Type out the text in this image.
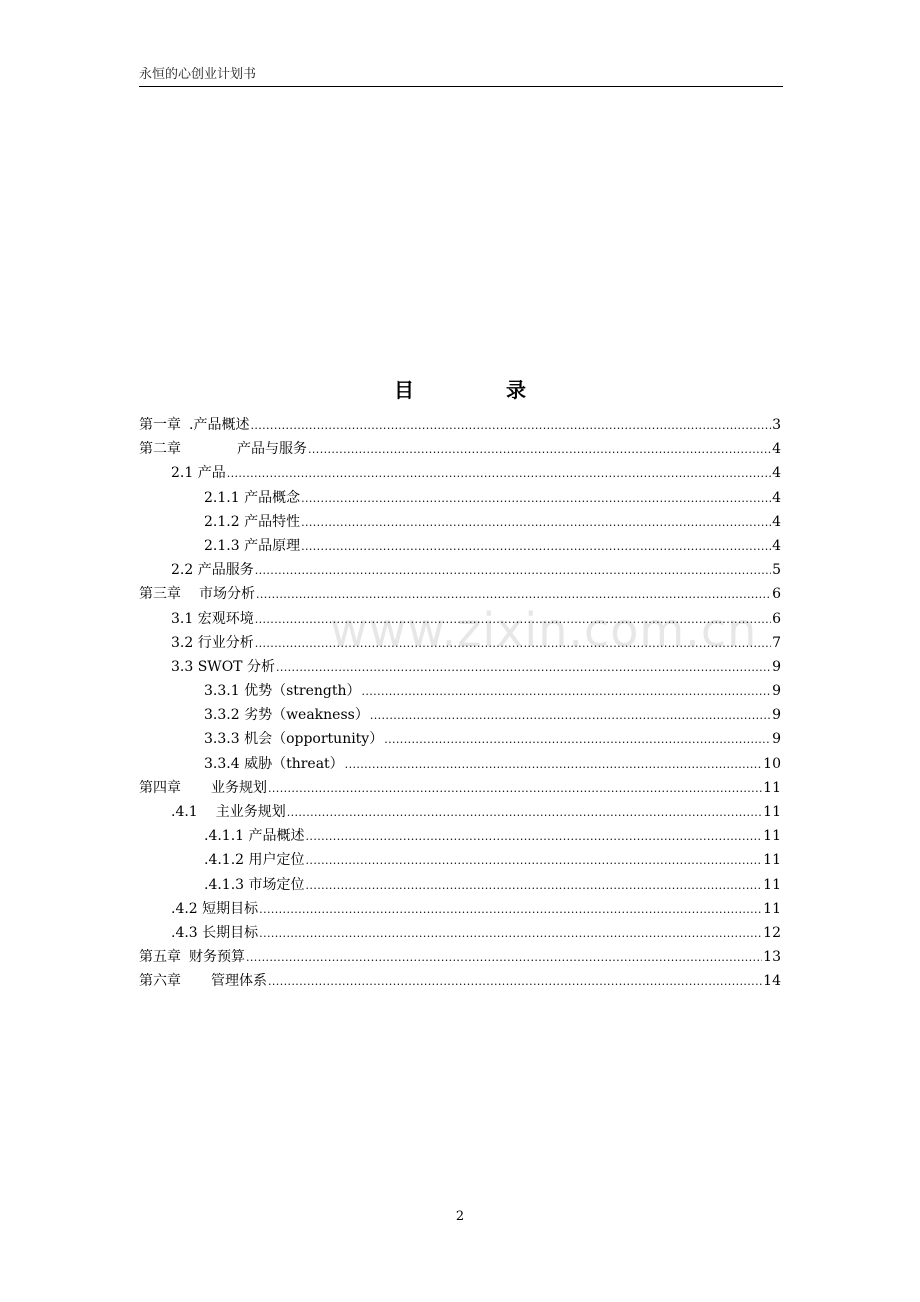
永恒的心创业计划书
目	录
www.zixin.com.cn
第一章 .产品概述 .....	3
第二章	产品与服务 .....	4
2.1 产品 .....	4
2.1.1 产品概念 .....	4
2.1.2 产品特性 .....	4
2.1.3 产品原理 .....	4
2.2 产品服务 .....	5
第三章 市场分析 .....	6
3.1 宏观环境 .....	6
3.2 行业分析 .....	7
3.3 SWOT 分析 .....	9
3.3.1 优势（strength） .....	9
3.3.2 劣势（weakness） .....	9
3.3.3 机会（opportunity） .....	9
3.3.4 威胁（threat） .....	10
第四章 业务规划 .....	11
.4.1 主业务规划 .....	11
.4.1.1 产品概述 .....	11
.4.1.2 用户定位 .....	11
.4.1.3 市场定位 .....	11
.4.2 短期目标 .....	11
.4.3 长期目标 .....	12
第五章 财务预算 .....	13
第六章 管理体系 .....	14
2
